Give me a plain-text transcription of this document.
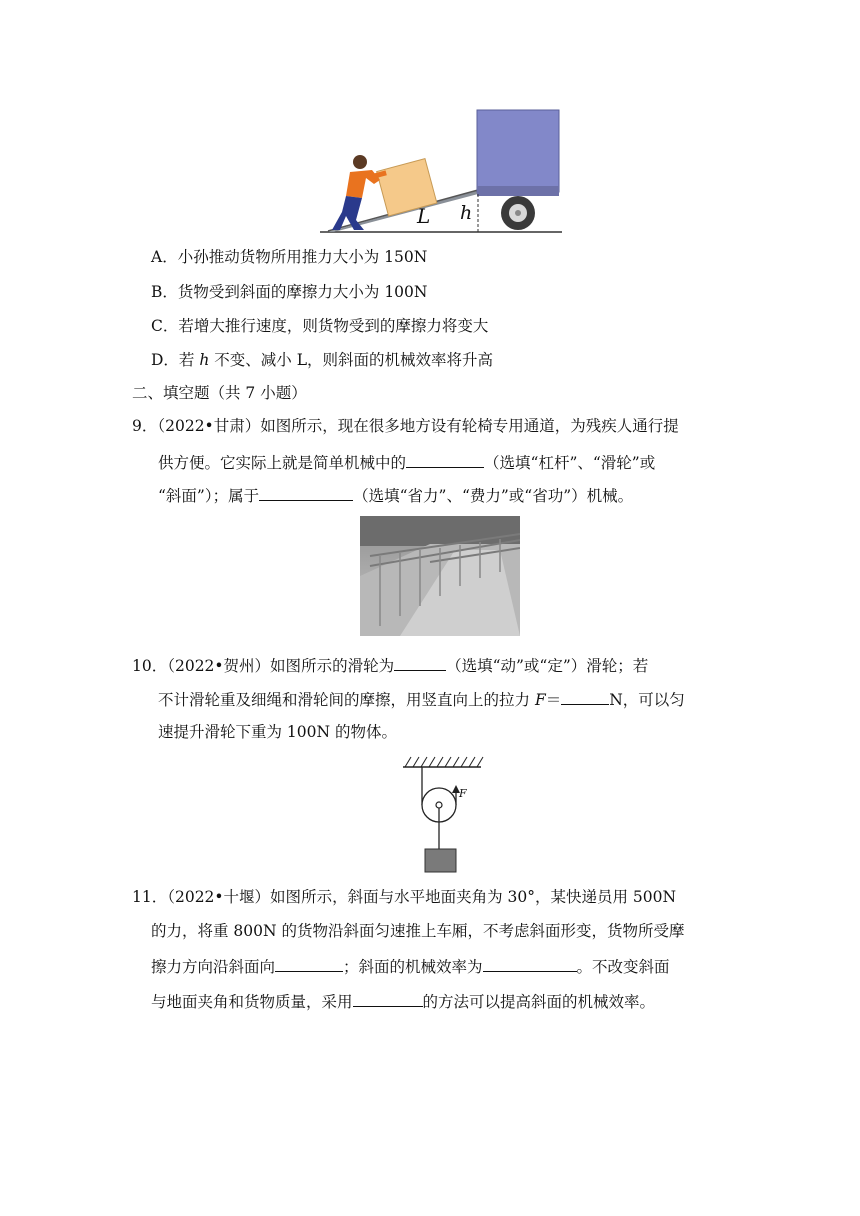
L h
A．小孙推动货物所用推力大小为 150N
B．货物受到斜面的摩擦力大小为 100N
C．若增大推行速度，则货物受到的摩擦力将变大
D．若 h 不变、减小 L，则斜面的机械效率将升高
二、填空题（共 7 小题）
9．（2022•甘肃）如图所示，现在很多地方设有轮椅专用通道，为残疾人通行提
供方便。它实际上就是简单机械中的	（选填“杠杆”、“滑轮”或
“斜面”）；属于	（选填“省力”、“费力”或“省功”）机械。
10．（2022•贺州）如图所示的滑轮为	（选填“动”或“定”）滑轮；若
不计滑轮重及细绳和滑轮间的摩擦，用竖直向上的拉力 F＝	N，可以匀
速提升滑轮下重为 100N 的物体。
F
11．（2022•十堰）如图所示，斜面与水平地面夹角为 30°，某快递员用 500N
的力，将重 800N 的货物沿斜面匀速推上车厢，不考虑斜面形变，货物所受摩
擦力方向沿斜面向	；斜面的机械效率为	。不改变斜面
与地面夹角和货物质量，采用	的方法可以提高斜面的机械效率。
